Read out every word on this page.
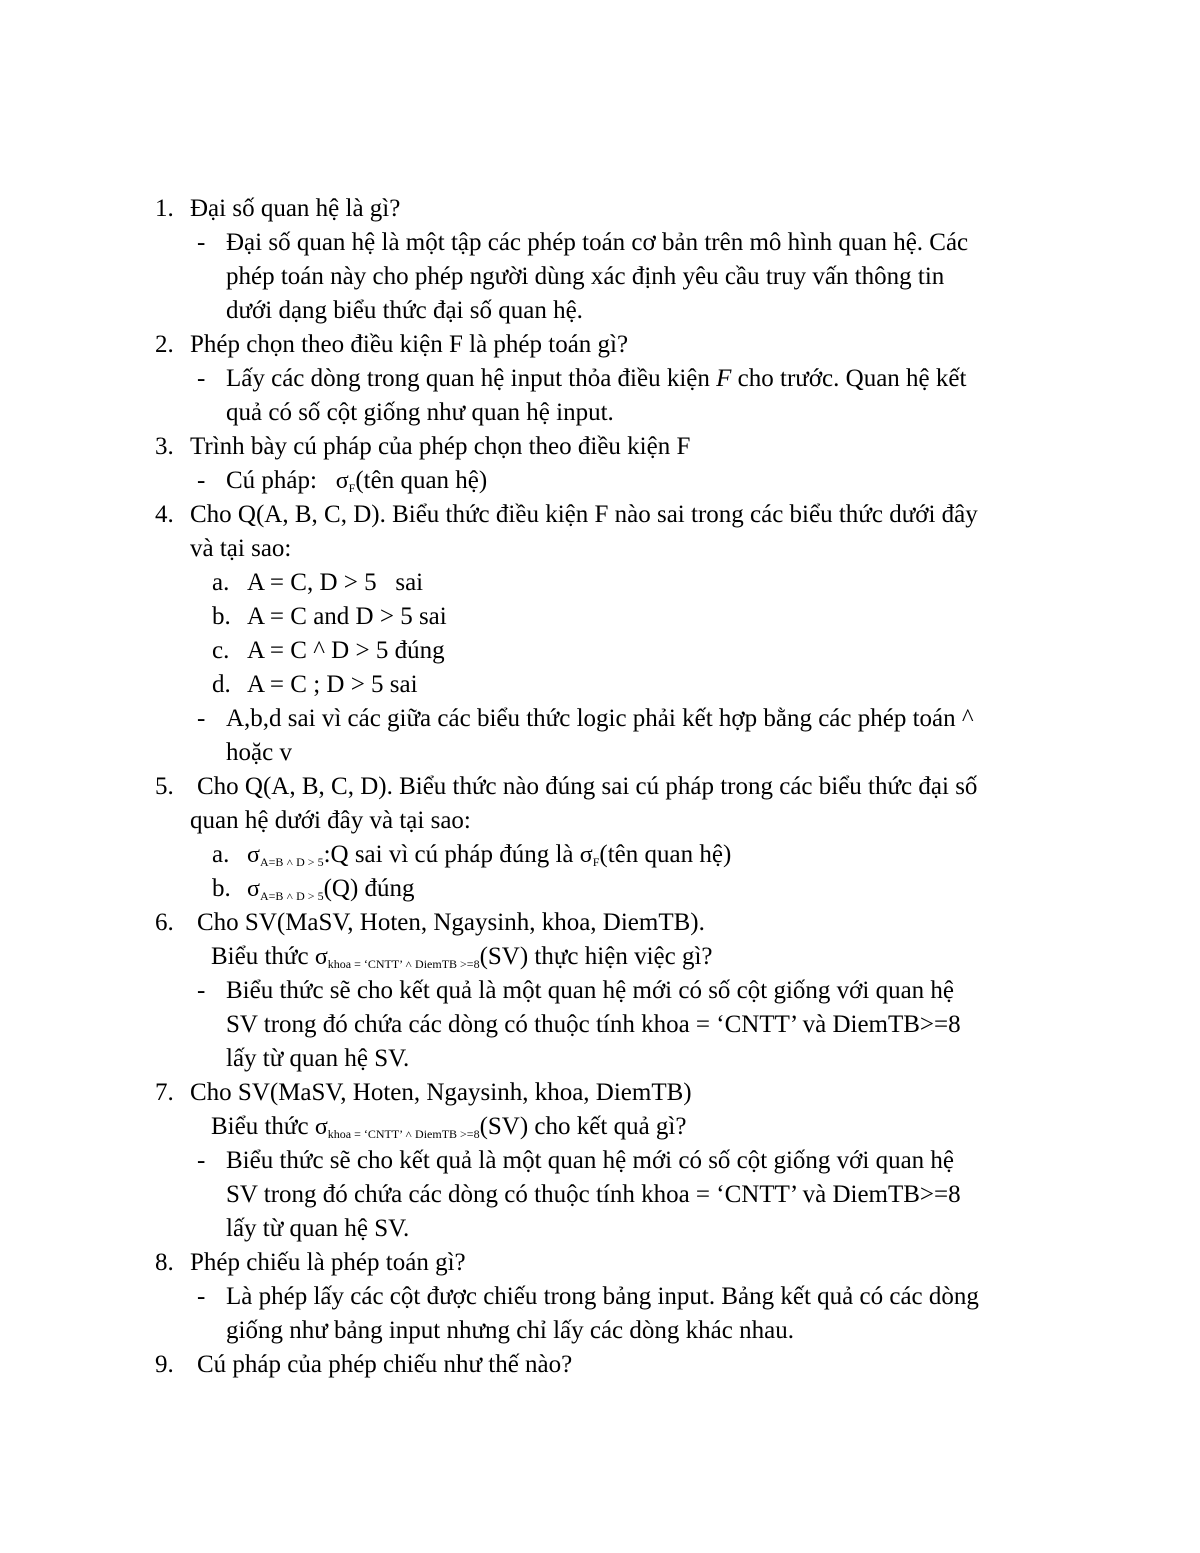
1. Đại số quan hệ là gì?
- Đại số quan hệ là một tập các phép toán cơ bản trên mô hình quan hệ. Các
phép toán này cho phép người dùng xác định yêu cầu truy vấn thông tin
dưới dạng biểu thức đại số quan hệ.
2. Phép chọn theo điều kiện F là phép toán gì?
- Lấy các dòng trong quan hệ input thỏa điều kiện F cho trước. Quan hệ kết
quả có số cột giống như quan hệ input.
3. Trình bày cú pháp của phép chọn theo điều kiện F
- Cú pháp: $\sigma_F(tên$ quan hệ)
4. Cho Q(A, B, C, D). Biểu thức điều kiện F nào sai trong các biểu thức dưới đây
và tại sao:
a. A = C, D > 5   sai
b. A = C and D > 5 sai
c. A = C ^ D > 5 đúng
d. A = C ; D > 5 sai
- A,b,d sai vì các giữa các biểu thức logic phải kết hợp bằng các phép toán ^
hoặc v
5. Cho Q(A, B, C, D). Biểu thức nào đúng sai cú pháp trong các biểu thức đại số
quan hệ dưới đây và tại sao:
a. $\sigma_{A=B ˄ D > 5}:Q$ sai vì cú pháp đúng là $\sigma_F(tên$ quan hệ)
b. $\sigma_{A=B ˄ D > 5}(Q)$ đúng
6. Cho SV(MaSV, Hoten, Ngaysinh, khoa, DiemTB).
Biểu thức $\sigma_{khoa = ‘CNTT’ ˄ DiemTB >=8}(SV)$ thực hiện việc gì?
- Biểu thức sẽ cho kết quả là một quan hệ mới có số cột giống với quan hệ
SV trong đó chứa các dòng có thuộc tính khoa = ‘CNTT’ và DiemTB>=8
lấy từ quan hệ SV.
7. Cho SV(MaSV, Hoten, Ngaysinh, khoa, DiemTB)
Biểu thức $\sigma_{khoa = ‘CNTT’ ˄ DiemTB >=8}(SV)$ cho kết quả gì?
- Biểu thức sẽ cho kết quả là một quan hệ mới có số cột giống với quan hệ
SV trong đó chứa các dòng có thuộc tính khoa = ‘CNTT’ và DiemTB>=8
lấy từ quan hệ SV.
8. Phép chiếu là phép toán gì?
- Là phép lấy các cột được chiếu trong bảng input. Bảng kết quả có các dòng
giống như bảng input nhưng chỉ lấy các dòng khác nhau.
9. Cú pháp của phép chiếu như thế nào?
